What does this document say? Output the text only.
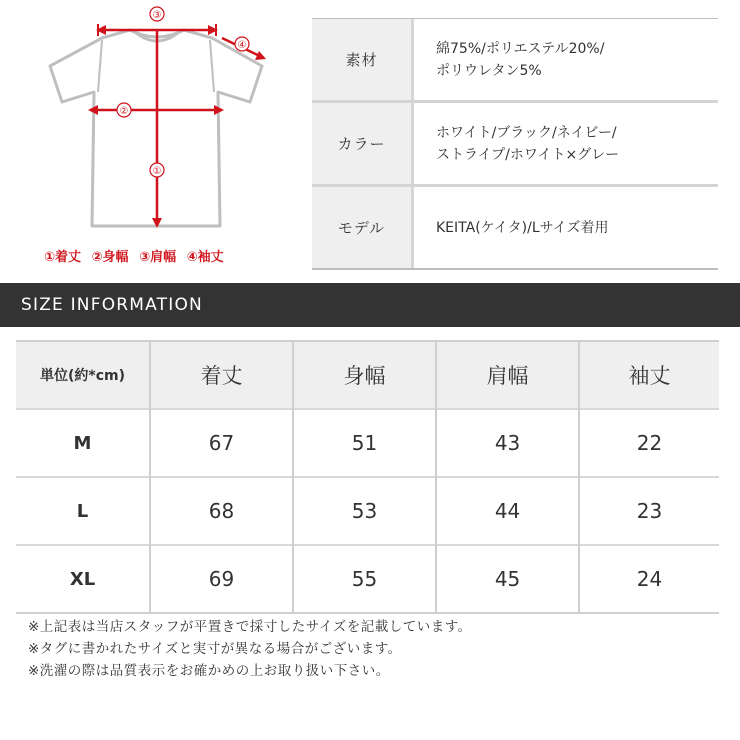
③
④
②
①
①着丈 ②身幅 ③肩幅 ④袖丈
素材
綿75%/ポリエステル20%/
ポリウレタン5%
カラー
ホワイト/ブラック/ネイビー/
ストライプ/ホワイト×グレー
モデル	KEITA(ケイタ)/Lサイズ着用
SIZE INFORMATION
単位(約*cm)	着丈	身幅	肩幅	袖丈
M	67	51	43	22
L	68	53	44	23
XL	69	55	45	24
※上記表は当店スタッフが平置きで採寸したサイズを記載しています。
※タグに書かれたサイズと実寸が異なる場合がございます。
※洗濯の際は品質表示をお確かめの上お取り扱い下さい。
